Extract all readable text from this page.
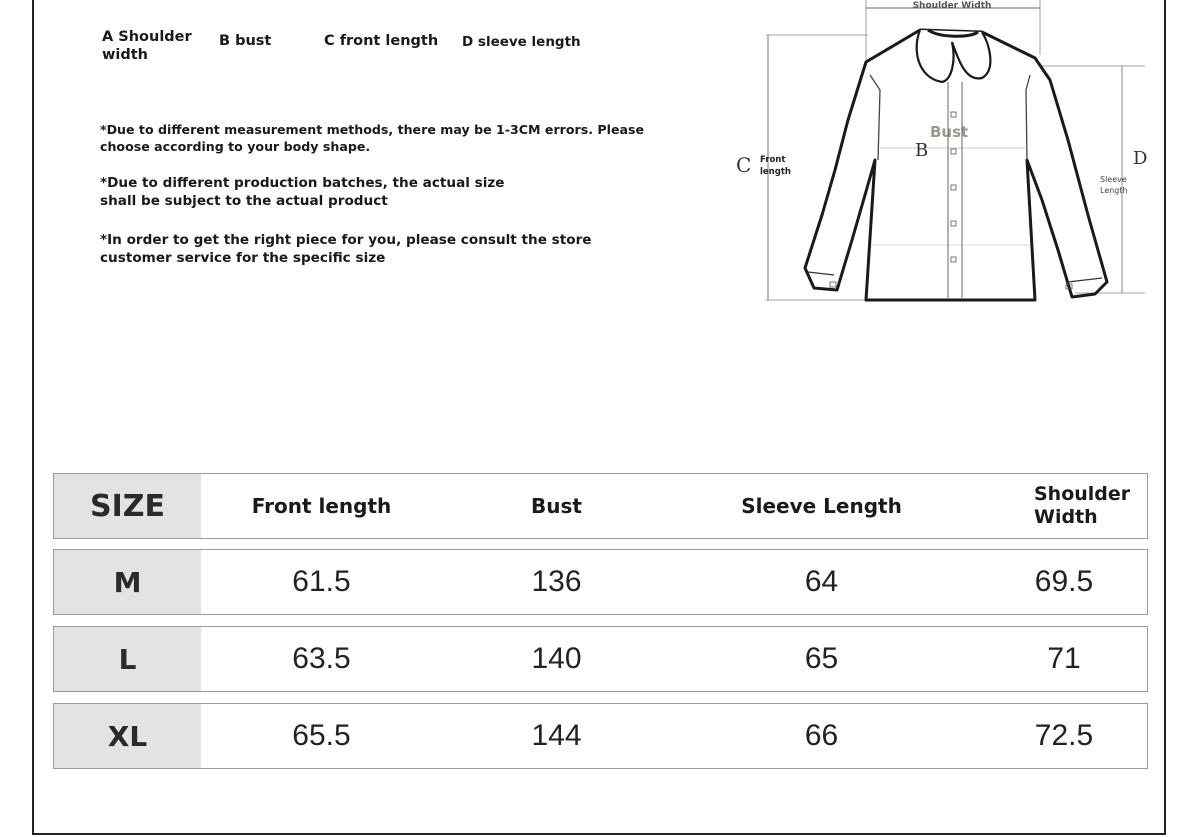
A Shoulder width
B bust	C front length D sleeve length
*Due to different measurement methods, there may be 1-3CM errors. Please choose according to your body shape.
*Due to different production batches, the actual size shall be subject to the actual product
*In order to get the right piece for you, please consult the store customer service for the specific size
Shoulder Width
C Front
length
D
Sleeve
Length
Bust
B
SIZE	Front length	Bust	Sleeve Length	Shoulder Width
M	61.5	136	64	69.5
L	63.5	140	65	71
XL	65.5	144	66	72.5
